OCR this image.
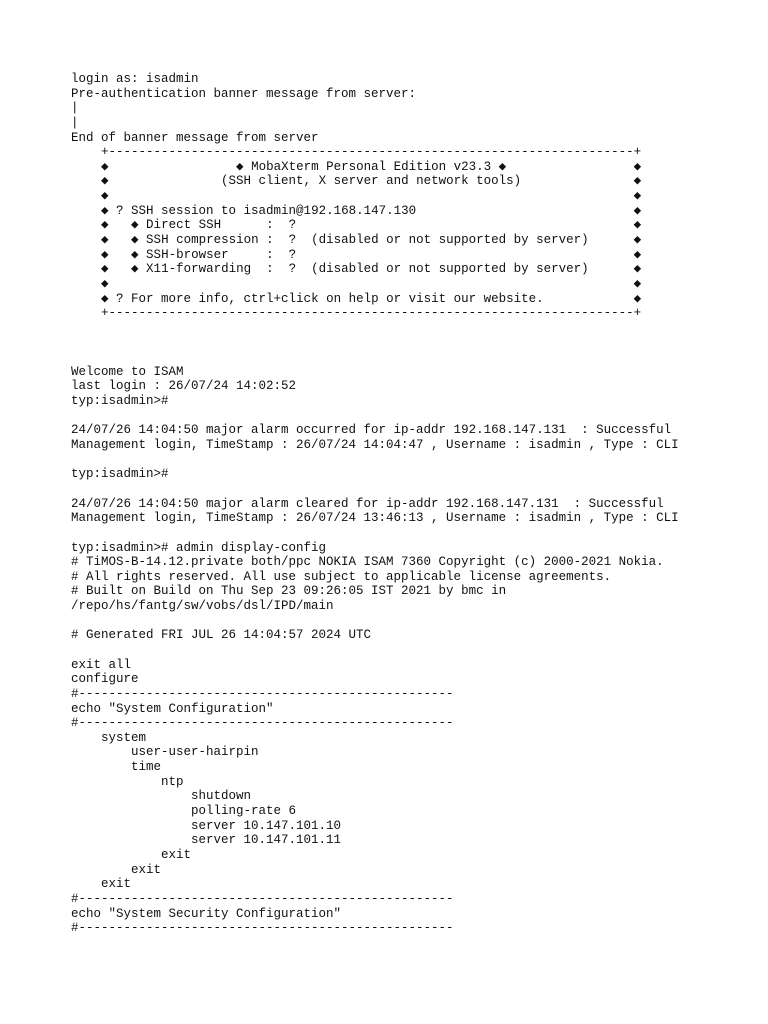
login as: isadmin
Pre-authentication banner message from server:
|
|
End of banner message from server
+----------------------------------------------------------------------+
◆                 ◆ MobaXterm Personal Edition v23.3 ◆                 ◆
◆               (SSH client, X server and network tools)               ◆
◆                                                                      ◆
◆ ? SSH session to isadmin@192.168.147.130                             ◆
◆   ◆ Direct SSH      :  ?                                             ◆
◆   ◆ SSH compression :  ?  (disabled or not supported by server)      ◆
◆   ◆ SSH-browser     :  ?                                             ◆
◆   ◆ X11-forwarding  :  ?  (disabled or not supported by server)      ◆
◆                                                                      ◆
◆ ? For more info, ctrl+click on help or visit our website.            ◆
+----------------------------------------------------------------------+
Welcome to ISAM
last login : 26/07/24 14:02:52
typ:isadmin>#
24/07/26 14:04:50 major alarm occurred for ip-addr 192.168.147.131  : Successful
Management login, TimeStamp : 26/07/24 14:04:47 , Username : isadmin , Type : CLI
typ:isadmin>#
24/07/26 14:04:50 major alarm cleared for ip-addr 192.168.147.131  : Successful
Management login, TimeStamp : 26/07/24 13:46:13 , Username : isadmin , Type : CLI
typ:isadmin># admin display-config
# TiMOS-B-14.12.private both/ppc NOKIA ISAM 7360 Copyright (c) 2000-2021 Nokia.
# All rights reserved. All use subject to applicable license agreements.
# Built on Build on Thu Sep 23 09:26:05 IST 2021 by bmc in
/repo/hs/fantg/sw/vobs/dsl/IPD/main
# Generated FRI JUL 26 14:04:57 2024 UTC
exit all
configure
#--------------------------------------------------
echo "System Configuration"
#--------------------------------------------------
system
user-user-hairpin
time
ntp
shutdown
polling-rate 6
server 10.147.101.10
server 10.147.101.11
exit
exit
exit
#--------------------------------------------------
echo "System Security Configuration"
#--------------------------------------------------
